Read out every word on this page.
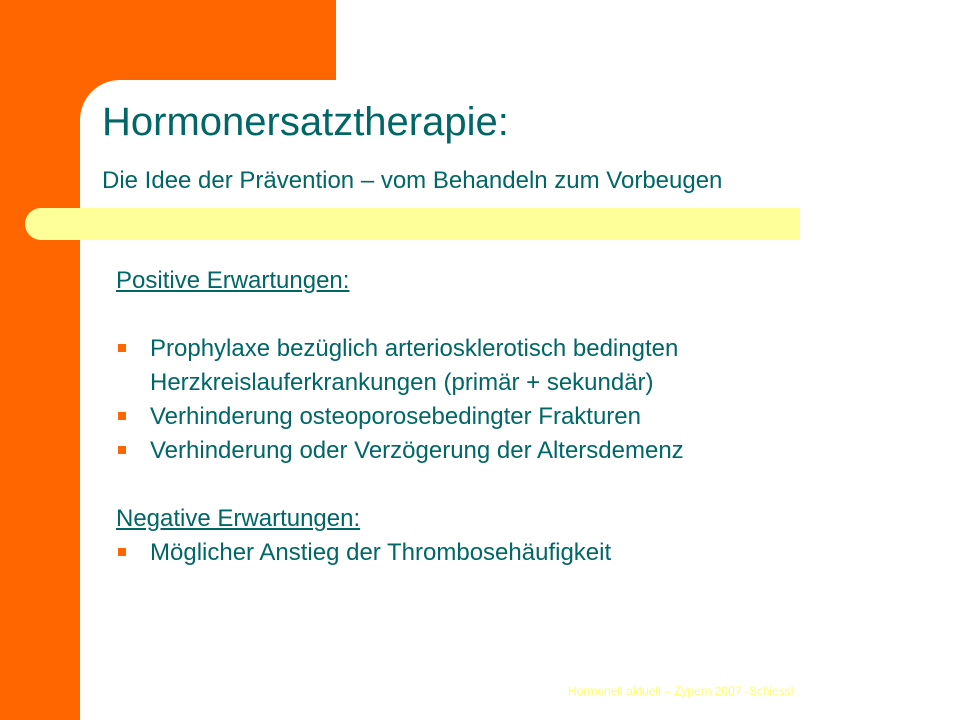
Hormonersatztherapie:

Die Idee der Prävention – vom Behandeln zum Vorbeugen

Positive Erwartungen:

Prophylaxe bezüglich arteriosklerotisch bedingten Herzkreislauferkrankungen (primär + sekundär)
Verhinderung osteoporosebedingter Frakturen
Verhinderung oder Verzögerung der Altersdemenz

Negative Erwartungen:

Möglicher Anstieg der Thrombosehäufigkeit
Hormonell aktuell – Zypern 2007 -Schiessl
